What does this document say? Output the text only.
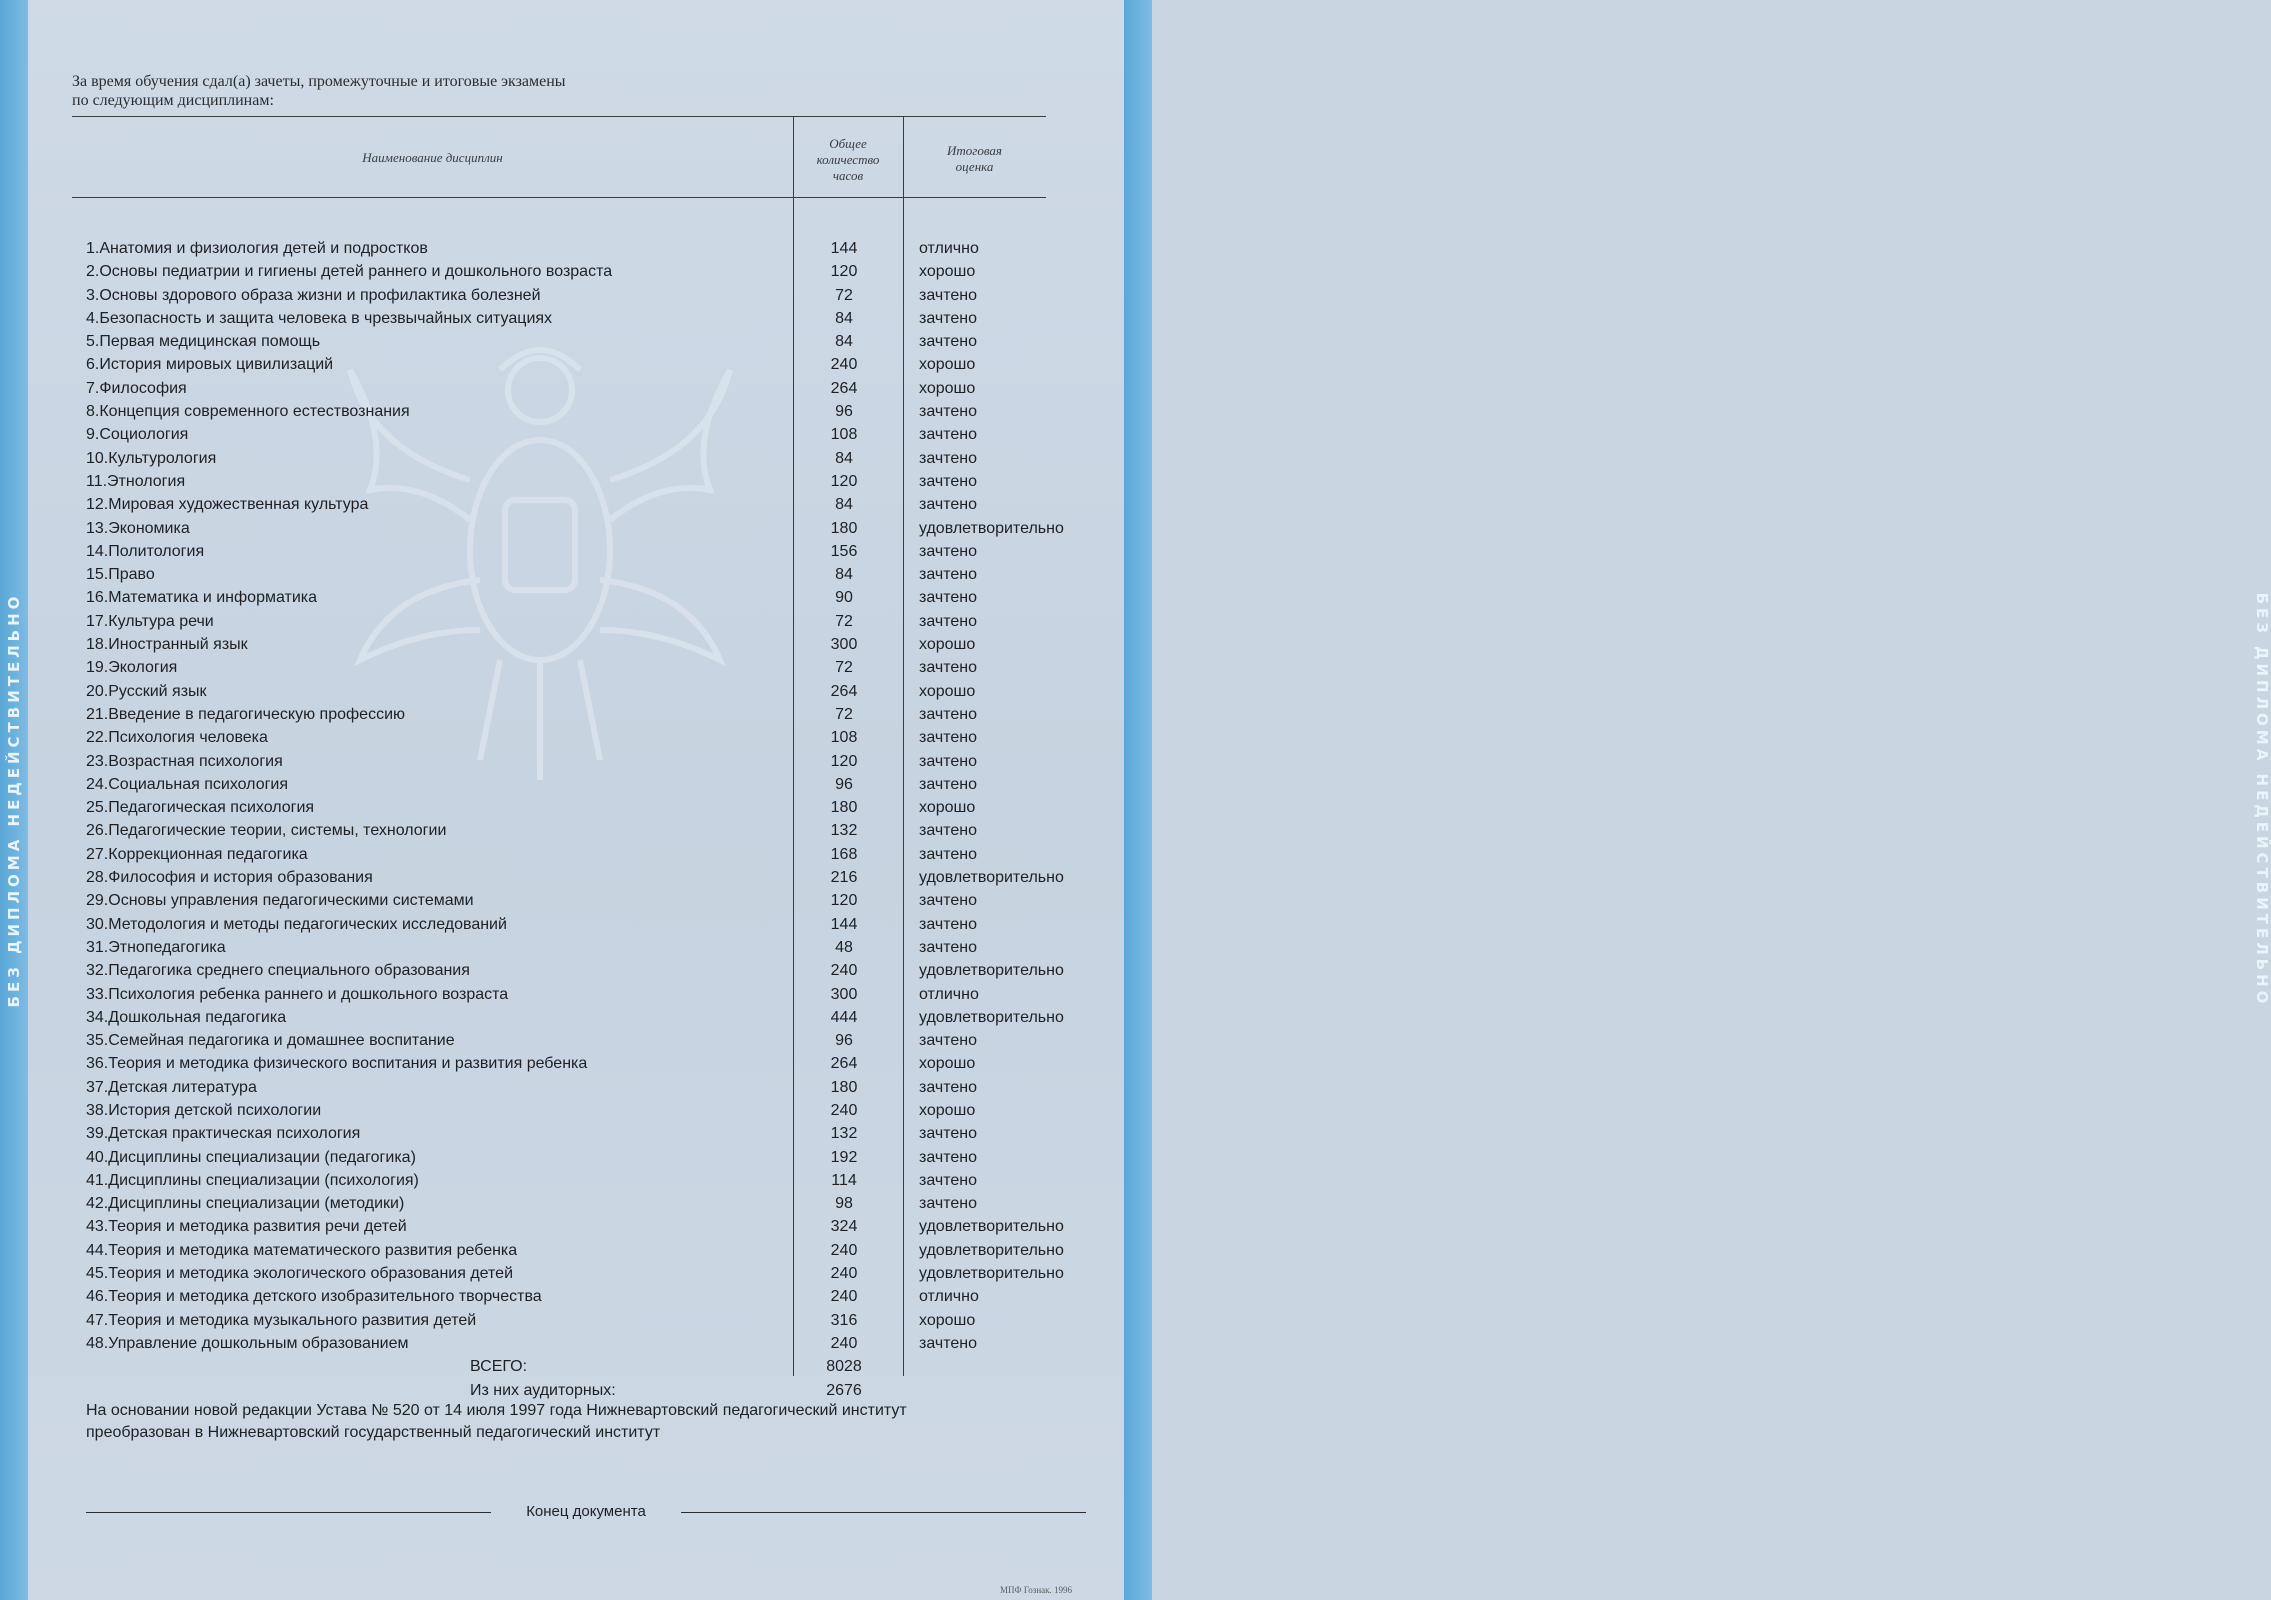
БЕЗ ДИПЛОМА НЕДЕЙСТВИТЕЛЬНО	БЕЗ ДИПЛОМА НЕДЕЙСТВИТЕЛЬНО
За время обучения сдал(а) зачеты, промежуточные и итоговые экзамены
по следующим дисциплинам:
Наименование дисциплин
Общее
количество
часов
Итоговая
оценка
1.Анатомия и физиология детей и подростков	144	отлично
2.Основы педиатрии и гигиены детей раннего и дошкольного возраста	120	хорошо
3.Основы здорового образа жизни и профилактика болезней	72	зачтено
4.Безопасность и защита человека в чрезвычайных ситуациях	84	зачтено
5.Первая медицинская помощь	84	зачтено
6.История мировых цивилизаций	240	хорошо
7.Философия	264	хорошо
8.Концепция современного естествознания	96	зачтено
9.Социология	108	зачтено
10.Культурология	84	зачтено
11.Этнология	120	зачтено
12.Мировая художественная культура	84	зачтено
13.Экономика	180	удовлетворительно
14.Политология	156	зачтено
15.Право	84	зачтено
16.Математика и информатика	90	зачтено
17.Культура речи	72	зачтено
18.Иностранный язык	300	хорошо
19.Экология	72	зачтено
20.Русский язык	264	хорошо
21.Введение в педагогическую профессию	72	зачтено
22.Психология человека	108	зачтено
23.Возрастная психология	120	зачтено
24.Социальная психология	96	зачтено
25.Педагогическая психология	180	хорошо
26.Педагогические теории, системы, технологии	132	зачтено
27.Коррекционная педагогика	168	зачтено
28.Философия и история образования	216	удовлетворительно
29.Основы управления педагогическими системами	120	зачтено
30.Методология и методы педагогических исследований	144	зачтено
31.Этнопедагогика	48	зачтено
32.Педагогика среднего специального образования	240	удовлетворительно
33.Психология ребенка раннего и дошкольного возраста	300	отлично
34.Дошкольная педагогика	444	удовлетворительно
35.Семейная педагогика и домашнее воспитание	96	зачтено
36.Теория и методика физического воспитания и развития ребенка	264	хорошо
37.Детская литература	180	зачтено
38.История детской психологии	240	хорошо
39.Детская практическая психология	132	зачтено
40.Дисциплины специализации (педагогика)	192	зачтено
41.Дисциплины специализации (психология)	114	зачтено
42.Дисциплины специализации (методики)	98	зачтено
43.Теория и методика развития речи детей	324	удовлетворительно
44.Теория и методика математического развития ребенка	240	удовлетворительно
45.Теория и методика экологического образования детей	240	удовлетворительно
46.Теория и методика детского изобразительного творчества	240	отлично
47.Теория и методика музыкального развития детей	316	хорошо
48.Управление дошкольным образованием	240	зачтено
ВСЕГО:	8028
Из них аудиторных:	2676
На основании новой редакции Устава № 520 от 14 июля 1997 года Нижневартовский педагогический институт
преобразован в Нижневартовский государственный педагогический институт
Конец документа
МПФ Гознак. 1996
